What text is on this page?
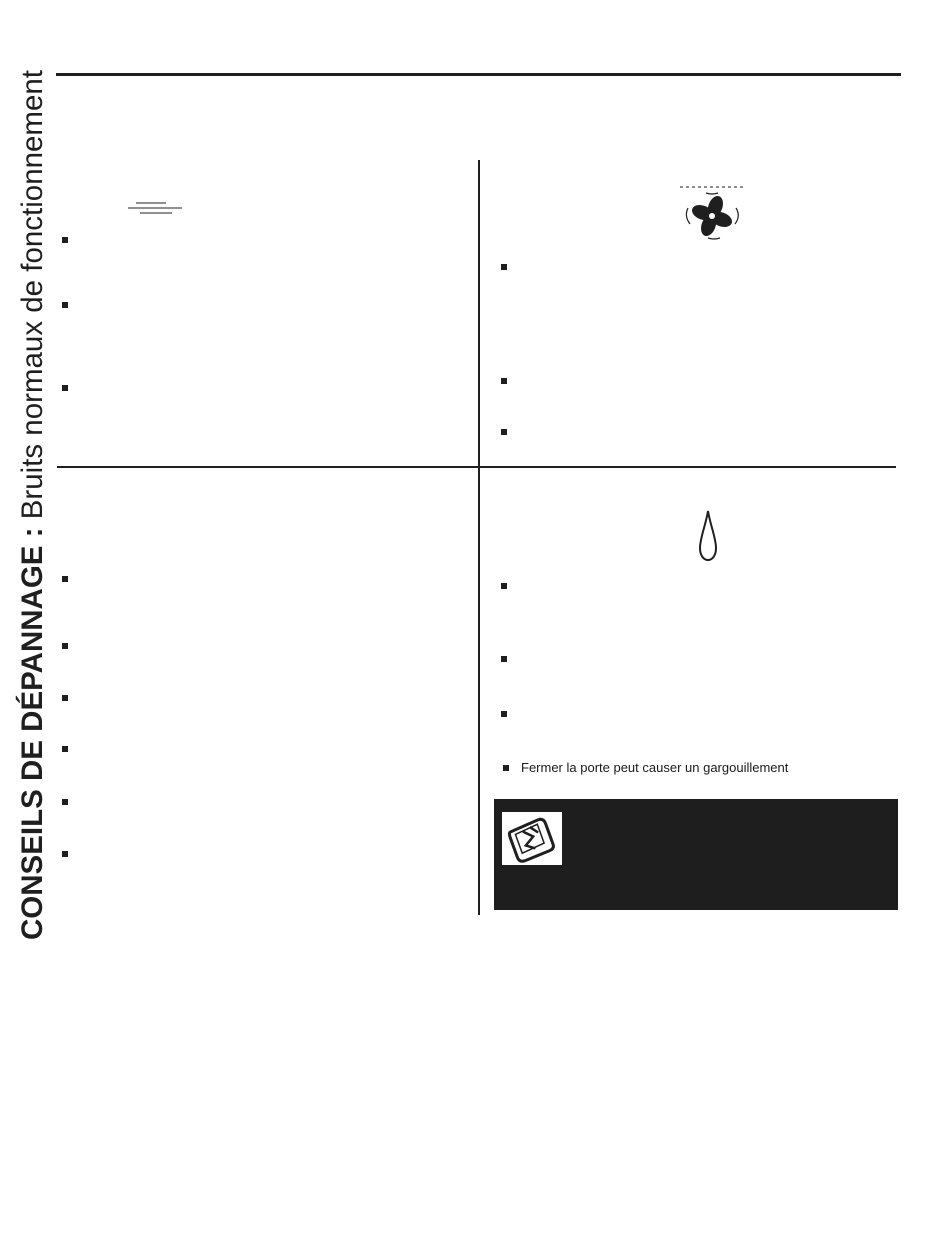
CONSEILS DE DÉPANNAGE : Bruits normaux de fonctionnement
Fermer la porte peut causer un gargouillement
